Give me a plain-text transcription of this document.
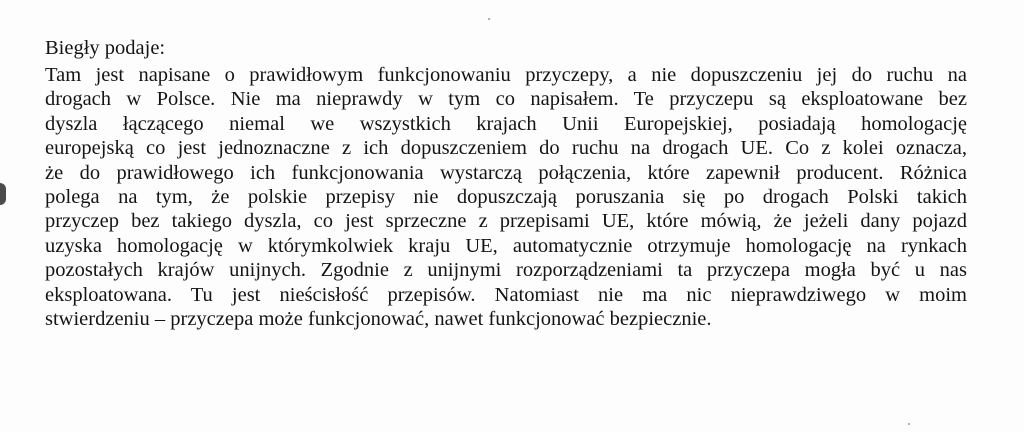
Biegły podaje:

Tam jest napisane o prawidłowym funkcjonowaniu przyczepy, a nie dopuszczeniu jej do ruchu na
drogach w Polsce. Nie ma nieprawdy w tym co napisałem. Te przyczepu są eksploatowane bez
dyszla łączącego niemal we wszystkich krajach Unii Europejskiej, posiadają homologację
europejską co jest jednoznaczne z ich dopuszczeniem do ruchu na drogach UE. Co z kolei oznacza,
że do prawidłowego ich funkcjonowania wystarczą połączenia, które zapewnił producent. Różnica
polega na tym, że polskie przepisy nie dopuszczają poruszania się po drogach Polski takich
przyczep bez takiego dyszla, co jest sprzeczne z przepisami UE, które mówią, że jeżeli dany pojazd
uzyska homologację w którymkolwiek kraju UE, automatycznie otrzymuje homologację na rynkach
pozostałych krajów unijnych. Zgodnie z unijnymi rozporządzeniami ta przyczepa mogła być u nas
eksploatowana. Tu jest nieścisłość przepisów. Natomiast nie ma nic nieprawdziwego w moim
stwierdzeniu – przyczepa może funkcjonować, nawet funkcjonować bezpiecznie.
